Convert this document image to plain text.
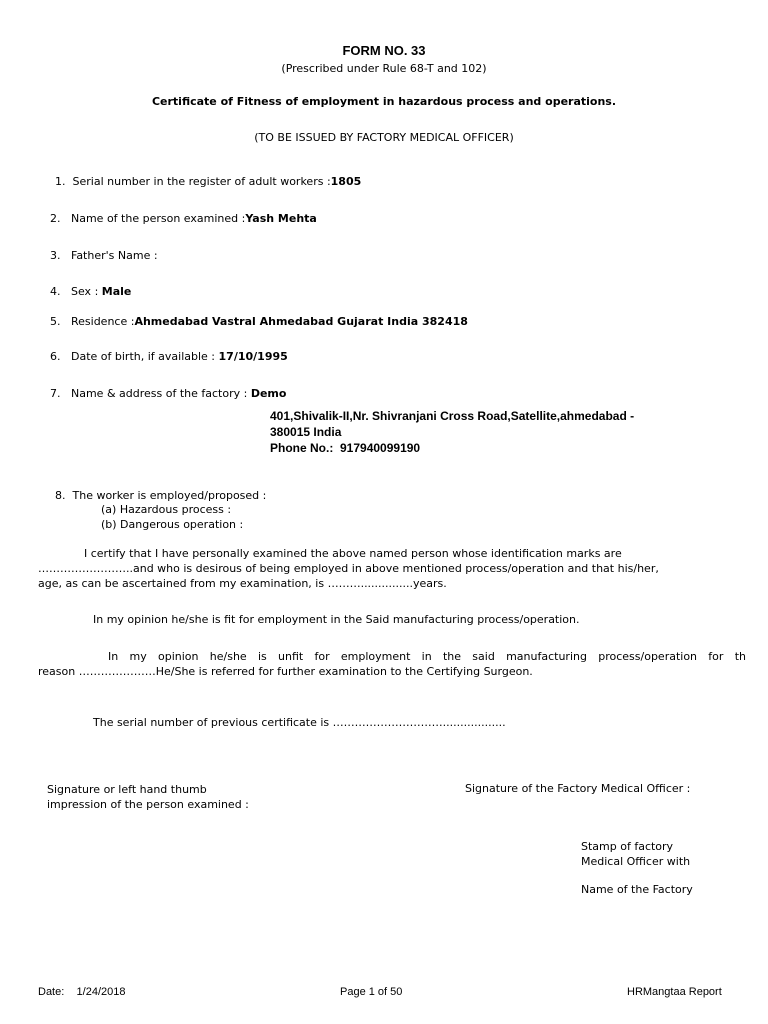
FORM NO. 33
(Prescribed under Rule 68-T and 102)
Certificate of Fitness of employment in hazardous process and operations.
(TO BE ISSUED BY FACTORY MEDICAL OFFICER)
1. Serial number in the register of adult workers :1805
2. Name of the person examined :Yash Mehta
3. Father's Name :
4. Sex : Male
5. Residence :Ahmedabad Vastral Ahmedabad Gujarat India 382418
6. Date of birth, if available : 17/10/1995
7. Name & address of the factory : Demo
401,Shivalik-II,Nr. Shivranjani Cross Road,Satellite,ahmedabad -
380015 India
Phone No.: 917940099190
8. The worker is employed/proposed :
(a) Hazardous process :
(b) Dangerous operation :
I certify that I have personally examined the above named person whose identification marks are
……………………..and who is desirous of being employed in above mentioned process/operation and that his/her,
age, as can be ascertained from my examination, is ………...............years.
In my opinion he/she is fit for employment in the Said manufacturing process/operation.
In my opinion he/she is unfit for employment in the said manufacturing process/operation for th
reason …………………He/She is referred for further examination to the Certifying Surgeon.
The serial number of previous certificate is …………………………..................
Signature or left hand thumb
impression of the person examined :
Signature of the Factory Medical Officer :
Stamp of factory
Medical Officer with
Name of the Factory
Date: 1/24/2018	Page 1 of 50	HRMangtaa Report
